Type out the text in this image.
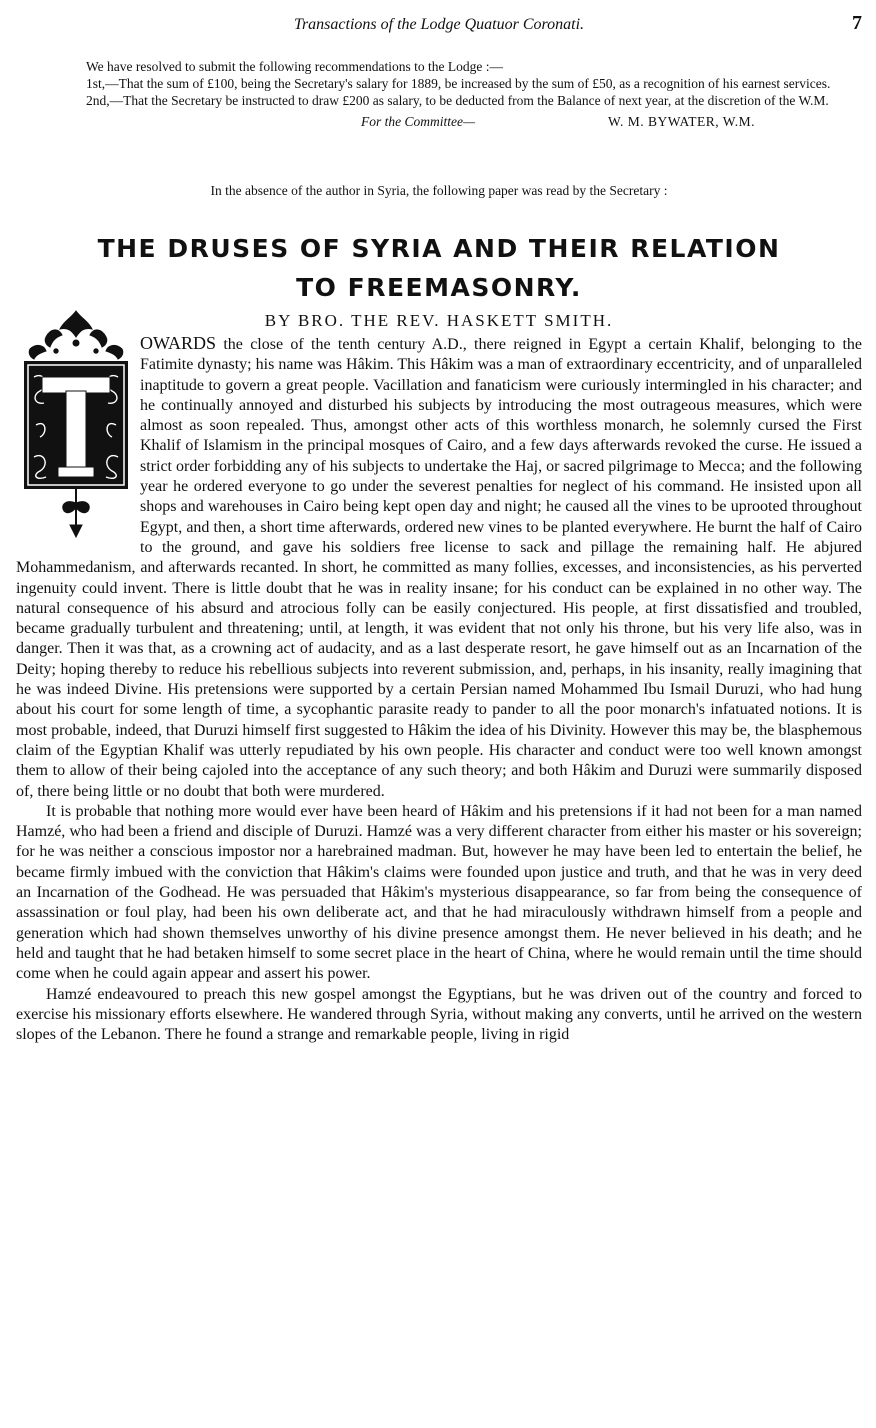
Transactions of the Lodge Quatuor Coronati.	7

We have resolved to submit the following recommendations to the Lodge :—

1st,—That the sum of £100, being the Secretary's salary for 1889, be increased by the sum of £50, as a recognition of his earnest services.

2nd,—That the Secretary be instructed to draw £200 as salary, to be deducted from the Balance of next year, at the discretion of the W.M.

For the Committee—	W. M. BYWATER, W.M.
In the absence of the author in Syria, the following paper was read by the Secretary :
THE DRUSES OF SYRIA AND THEIR RELATION
TO FREEMASONRY.
BY BRO. THE REV. HASKETT SMITH.

OWARDS the close of the tenth century A.D., there reigned in Egypt a certain Khalif, belonging to the Fatimite dynasty; his name was Hâkim. This Hâkim was a man of extraordinary eccentricity, and of unparalleled inaptitude to govern a great people. Vacillation and fanaticism were curiously intermingled in his character; and he continually annoyed and disturbed his subjects by introducing the most outrageous measures, which were almost as soon repealed. Thus, amongst other acts of this worthless monarch, he solemnly cursed the First Khalif of Islamism in the principal mosques of Cairo, and a few days afterwards revoked the curse. He issued a strict order forbidding any of his subjects to undertake the Haj, or sacred pilgrimage to Mecca; and the following year he ordered everyone to go under the severest penalties for neglect of his command. He insisted upon all shops and warehouses in Cairo being kept open day and night; he caused all the vines to be uprooted throughout Egypt, and then, a short time afterwards, ordered new vines to be planted everywhere. He burnt the half of Cairo to the ground, and gave his soldiers free license to sack and pillage the remaining half. He abjured Mohammedanism, and afterwards recanted. In short, he committed as many follies, excesses, and inconsistencies, as his perverted ingenuity could invent. There is little doubt that he was in reality insane; for his conduct can be explained in no other way. The natural consequence of his absurd and atrocious folly can be easily conjectured. His people, at first dissatisfied and troubled, became gradually turbulent and threatening; until, at length, it was evident that not only his throne, but his very life also, was in danger. Then it was that, as a crowning act of audacity, and as a last desperate resort, he gave himself out as an Incarnation of the Deity; hoping thereby to reduce his rebellious subjects into reverent submission, and, perhaps, in his insanity, really imagining that he was indeed Divine. His pretensions were supported by a certain Persian named Mohammed Ibu Ismail Duruzi, who had hung about his court for some length of time, a sycophantic parasite ready to pander to all the poor monarch's infatuated notions. It is most probable, indeed, that Duruzi himself first suggested to Hâkim the idea of his Divinity. However this may be, the blasphemous claim of the Egyptian Khalif was utterly repudiated by his own people. His character and conduct were too well known amongst them to allow of their being cajoled into the acceptance of any such theory; and both Hâkim and Duruzi were summarily disposed of, there being little or no doubt that both were murdered.

It is probable that nothing more would ever have been heard of Hâkim and his pretensions if it had not been for a man named Hamzé, who had been a friend and disciple of Duruzi. Hamzé was a very different character from either his master or his sovereign; for he was neither a conscious impostor nor a harebrained madman. But, however he may have been led to entertain the belief, he became firmly imbued with the conviction that Hâkim's claims were founded upon justice and truth, and that he was in very deed an Incarnation of the Godhead. He was persuaded that Hâkim's mysterious disappearance, so far from being the consequence of assassination or foul play, had been his own deliberate act, and that he had miraculously withdrawn himself from a people and generation which had shown themselves unworthy of his divine presence amongst them. He never believed in his death; and he held and taught that he had betaken himself to some secret place in the heart of China, where he would remain until the time should come when he could again appear and assert his power.

Hamzé endeavoured to preach this new gospel amongst the Egyptians, but he was driven out of the country and forced to exercise his missionary efforts elsewhere. He wandered through Syria, without making any converts, until he arrived on the western slopes of the Lebanon. There he found a strange and remarkable people, living in rigid
